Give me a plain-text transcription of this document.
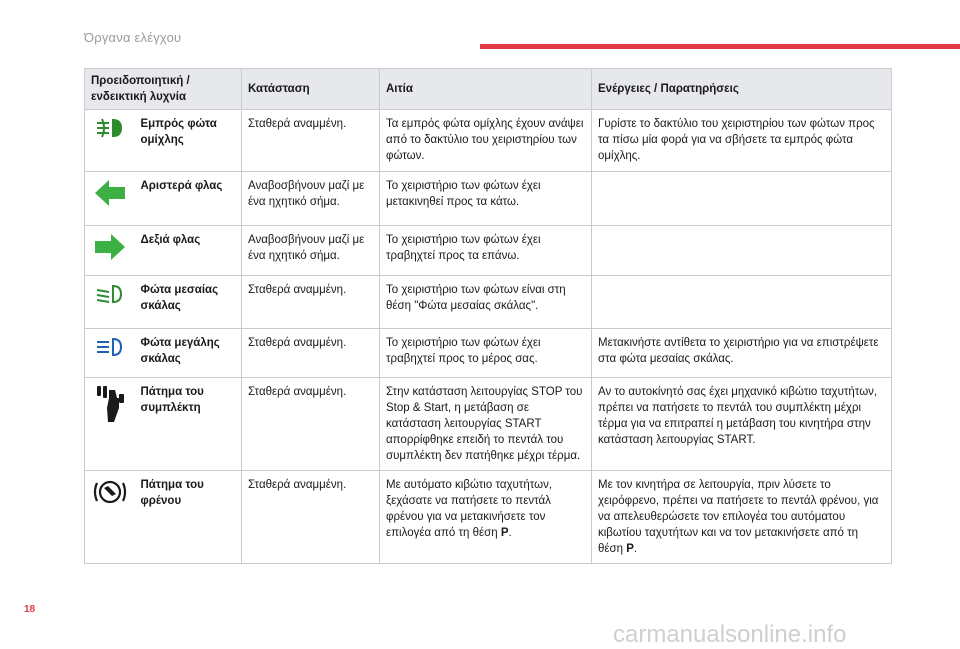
Όργανα ελέγχου
Προειδοποιητική / ενδεικτική λυχνία		Κατάσταση	Αιτία	Ενέργειες / Παρατηρήσεις

	Εμπρός φώτα ομίχλης	Σταθερά αναμμένη.	Τα εμπρός φώτα ομίχλης έχουν ανάψει από το δακτύλιο του χειριστηρίου των φώτων.	Γυρίστε το δακτύλιο του χειριστηρίου των φώτων προς τα πίσω μία φορά για να σβήσετε τα εμπρός φώτα ομίχλης.

	Αριστερά φλας	Αναβοσβήνουν μαζί με ένα ηχητικό σήμα.	Το χειριστήριο των φώτων έχει μετακινηθεί προς τα κάτω.	

	Δεξιά φλας	Αναβοσβήνουν μαζί με ένα ηχητικό σήμα.	Το χειριστήριο των φώτων έχει τραβηχτεί προς τα επάνω.	

	Φώτα μεσαίας σκάλας	Σταθερά αναμμένη.	Το χειριστήριο των φώτων είναι στη θέση "Φώτα μεσαίας σκάλας".	

	Φώτα μεγάλης σκάλας	Σταθερά αναμμένη.	Το χειριστήριο των φώτων έχει τραβηχτεί προς το μέρος σας.	Μετακινήστε αντίθετα το χειριστήριο για να επιστρέψετε στα φώτα μεσαίας σκάλας.

	Πάτημα του συμπλέκτη	Σταθερά αναμμένη.	Στην κατάσταση λειτουργίας STOP του Stop & Start, η μετάβαση σε κατάσταση λειτουργίας START απορρίφθηκε επειδή το πεντάλ του συμπλέκτη δεν πατήθηκε μέχρι τέρμα.	Αν το αυτοκίνητό σας έχει μηχανικό κιβώτιο ταχυτήτων, πρέπει να πατήσετε το πεντάλ του συμπλέκτη μέχρι τέρμα για να επιτραπεί η μετάβαση του κινητήρα στην κατάσταση λειτουργίας START.

	Πάτημα του φρένου	Σταθερά αναμμένη.	Με αυτόματο κιβώτιο ταχυτήτων, ξεχάσατε να πατήσετε το πεντάλ φρένου για να μετακινήσετε τον επιλογέα από τη θέση P.	Με τον κινητήρα σε λειτουργία, πριν λύσετε το χειρόφρενο, πρέπει να πατήσετε το πεντάλ φρένου, για να απελευθερώσετε τον επιλογέα του αυτόματου κιβωτίου ταχυτήτων και να τον μετακινήσετε από τη θέση P.
18
carmanualsonline.info
